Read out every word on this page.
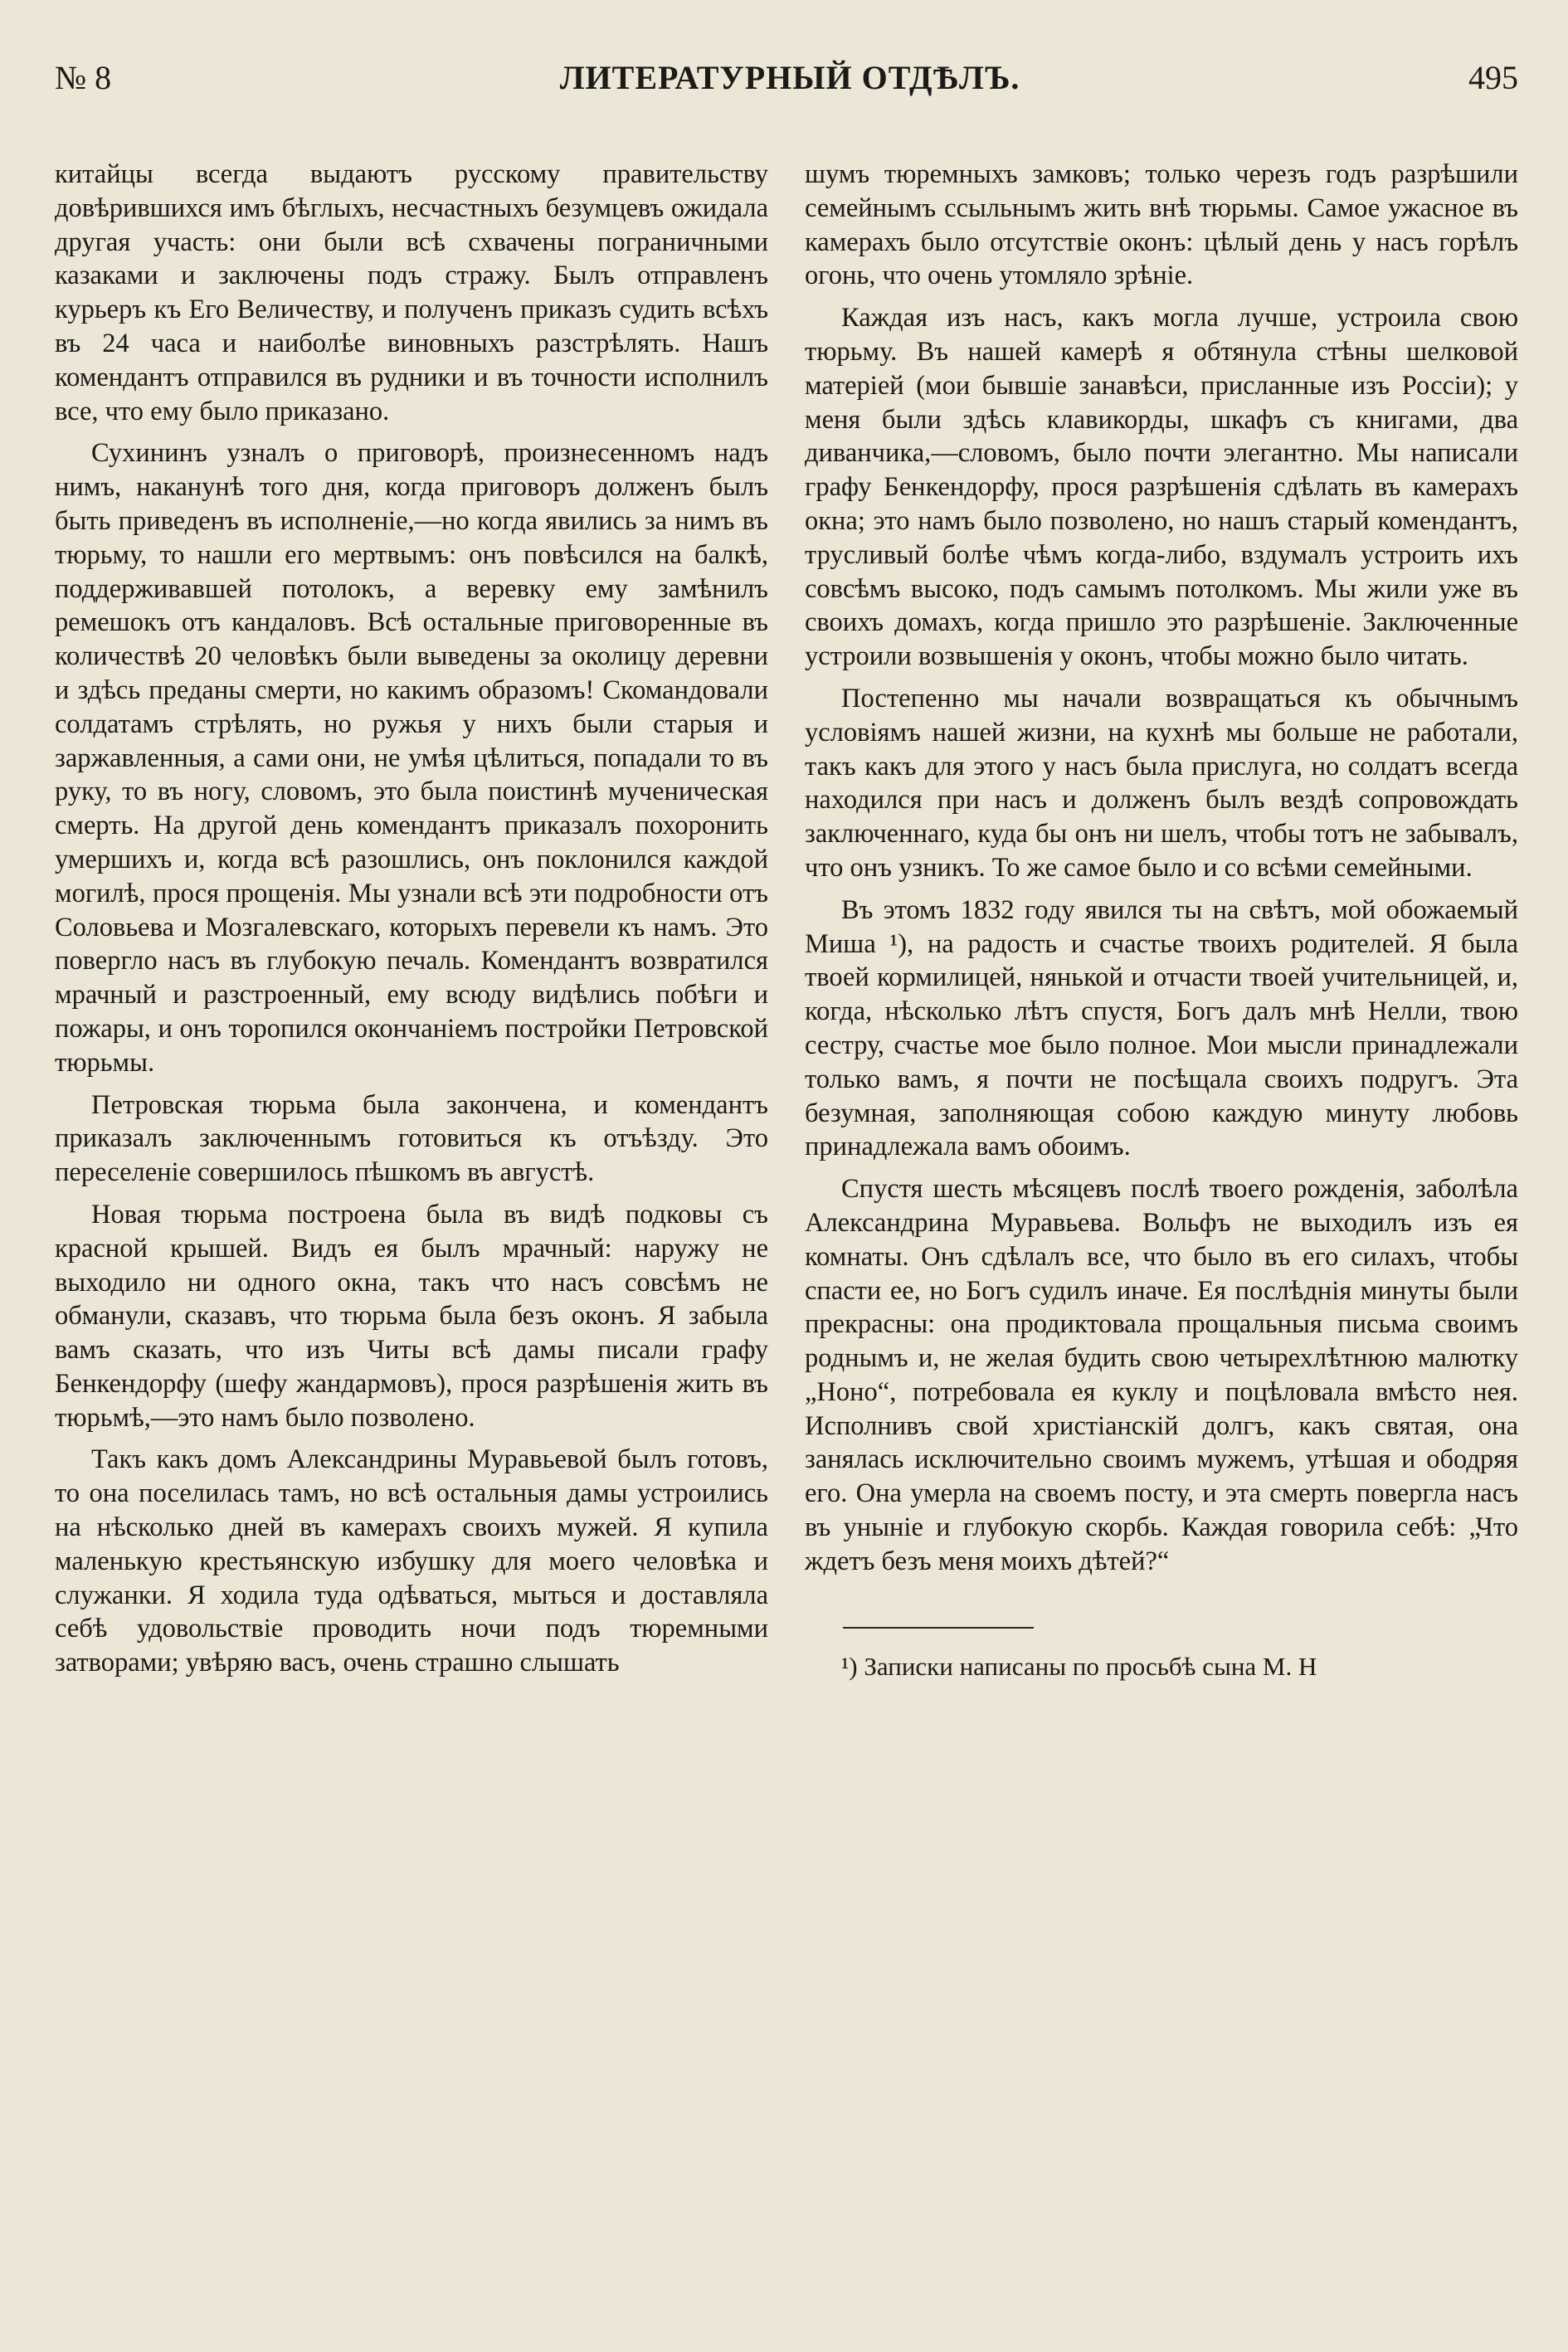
№ 8	ЛИТЕРАТУРНЫЙ ОТДѢЛЪ.	495

китайцы всегда выдаютъ русскому правительству довѣрившихся имъ бѣглыхъ, несчастныхъ безумцевъ ожидала другая участь: они были всѣ схвачены пограничными казаками и заключены подъ стражу. Былъ отправленъ курьеръ къ Его Величеству, и полученъ приказъ судить всѣхъ въ 24 часа и наиболѣе виновныхъ разстрѣлять. Нашъ комендантъ отправился въ рудники и въ точности исполнилъ все, что ему было приказано.

Сухининъ узналъ о приговорѣ, произнесенномъ надъ нимъ, наканунѣ того дня, когда приговоръ долженъ былъ быть приведенъ въ исполненіе,—но когда явились за нимъ въ тюрьму, то нашли его мертвымъ: онъ повѣсился на балкѣ, поддерживавшей потолокъ, а веревку ему замѣнилъ ремешокъ отъ кандаловъ. Всѣ остальные приговоренные въ количествѣ 20 человѣкъ были выведены за околицу деревни и здѣсь преданы смерти, но какимъ образомъ! Скомандовали солдатамъ стрѣлять, но ружья у нихъ были старыя и заржавленныя, а сами они, не умѣя цѣлиться, попадали то въ руку, то въ ногу, словомъ, это была поистинѣ мученическая смерть. На другой день комендантъ приказалъ похоронить умершихъ и, когда всѣ разошлись, онъ поклонился каждой могилѣ, прося прощенія. Мы узнали всѣ эти подробности отъ Соловьева и Мозгалевскаго, которыхъ перевели къ намъ. Это повергло насъ въ глубокую печаль. Комендантъ возвратился мрачный и разстроенный, ему всюду видѣлись побѣги и пожары, и онъ торопился окончаніемъ постройки Петровской тюрьмы.

Петровская тюрьма была закончена, и комендантъ приказалъ заключеннымъ готовиться къ отъѣзду. Это переселеніе совершилось пѣшкомъ въ августѣ.

Новая тюрьма построена была въ видѣ подковы съ красной крышей. Видъ ея былъ мрачный: наружу не выходило ни одного окна, такъ что насъ совсѣмъ не обманули, сказавъ, что тюрьма была безъ оконъ. Я забыла вамъ сказать, что изъ Читы всѣ дамы писали графу Бенкендорфу (шефу жандармовъ), прося разрѣшенія жить въ тюрьмѣ,—это намъ было позволено.

Такъ какъ домъ Александрины Муравьевой былъ готовъ, то она поселилась тамъ, но всѣ остальныя дамы устроились на нѣсколько дней въ камерахъ своихъ мужей. Я купила маленькую крестьянскую избушку для моего человѣка и служанки. Я ходила туда одѣваться, мыться и доставляла себѣ удовольствіе проводить ночи подъ тюремными затворами; увѣряю васъ, очень страшно слышать

шумъ тюремныхъ замковъ; только черезъ годъ разрѣшили семейнымъ ссыльнымъ жить внѣ тюрьмы. Самое ужасное въ камерахъ было отсутствіе оконъ: цѣлый день у насъ горѣлъ огонь, что очень утомляло зрѣніе.

Каждая изъ насъ, какъ могла лучше, устроила свою тюрьму. Въ нашей камерѣ я обтянула стѣны шелковой матеріей (мои бывшіе занавѣси, присланные изъ Россіи); у меня были здѣсь клавикорды, шкафъ съ книгами, два диванчика,—словомъ, было почти элегантно. Мы написали графу Бенкендорфу, прося разрѣшенія сдѣлать въ камерахъ окна; это намъ было позволено, но нашъ старый комендантъ, трусливый болѣе чѣмъ когда-либо, вздумалъ устроить ихъ совсѣмъ высоко, подъ самымъ потолкомъ. Мы жили уже въ своихъ домахъ, когда пришло это разрѣшеніе. Заключенные устроили возвышенія у оконъ, чтобы можно было читать.

Постепенно мы начали возвращаться къ обычнымъ условіямъ нашей жизни, на кухнѣ мы больше не работали, такъ какъ для этого у насъ была прислуга, но солдатъ всегда находился при насъ и долженъ былъ вездѣ сопровождать заключеннаго, куда бы онъ ни шелъ, чтобы тотъ не забывалъ, что онъ узникъ. То же самое было и со всѣми семейными.

Въ этомъ 1832 году явился ты на свѣтъ, мой обожаемый Миша ¹), на радость и счастье твоихъ родителей. Я была твоей кормилицей, нянькой и отчасти твоей учительницей, и, когда, нѣсколько лѣтъ спустя, Богъ далъ мнѣ Нелли, твою сестру, счастье мое было полное. Мои мысли принадлежали только вамъ, я почти не посѣщала своихъ подругъ. Эта безумная, заполняющая собою каждую минуту любовь принадлежала вамъ обоимъ.

Спустя шесть мѣсяцевъ послѣ твоего рожденія, заболѣла Александрина Муравьева. Вольфъ не выходилъ изъ ея комнаты. Онъ сдѣлалъ все, что было въ его силахъ, чтобы спасти ее, но Богъ судилъ иначе. Ея послѣднія минуты были прекрасны: она продиктовала прощальныя письма своимъ роднымъ и, не желая будить свою четырехлѣтнюю малютку „Ноно“, потребовала ея куклу и поцѣловала вмѣсто нея. Исполнивъ свой христіанскій долгъ, какъ святая, она занялась исключительно своимъ мужемъ, утѣшая и ободряя его. Она умерла на своемъ посту, и эта смерть повергла насъ въ уныніе и глубокую скорбь. Каждая говорила себѣ: „Что ждетъ безъ меня моихъ дѣтей?“

¹) Записки написаны по просьбѣ сына М. Н
